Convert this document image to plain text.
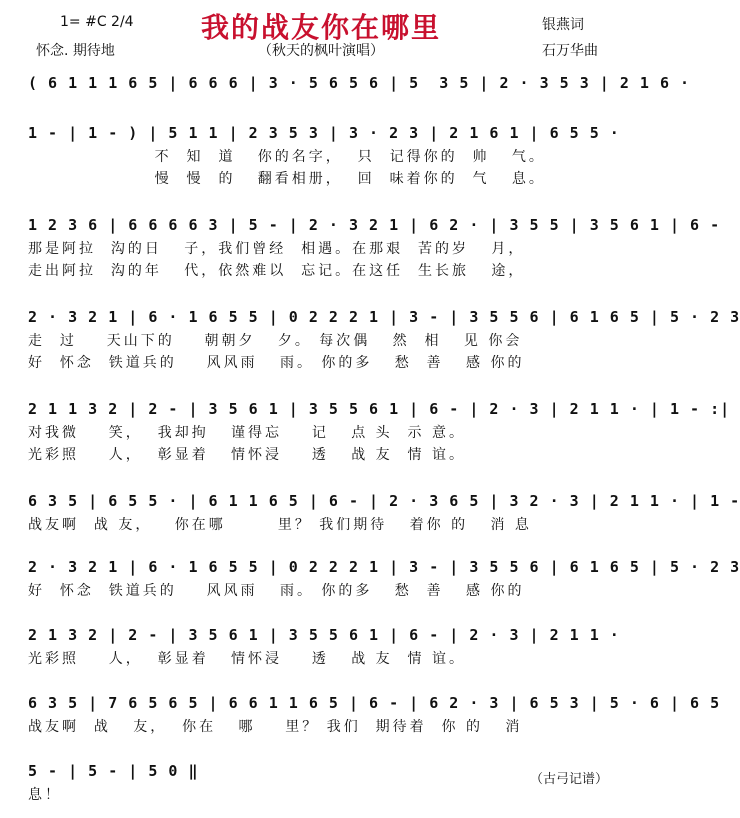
我的战友你在哪里
1= #C 2/4
怀念. 期待地	（秋天的枫叶演唱）
银燕词
石万华曲
( 6 1 1 1 6 5 | 6 6 6 | 3 · 5 6 5 6 | 5  3 5 | 2 · 3 5 3 | 2 1 6 ·
1 - | 1 - ) | 5 1 1 | 2 3 5 3 | 3 · 2 3 | 2 1 6 1 | 6 5 5 ·
不  知  道   你的名字，  只  记得你的  帅   气。
慢  慢  的   翻看相册，  回  味着你的  气   息。
1 2 3 6 | 6 6 6 6 3 | 5 - | 2 · 3 2 1 | 6 2 · | 3 5 5 | 3 5 6 1 | 6 -
那是阿拉  沟的日   子，我们曾经  相遇。在那艰  苦的岁   月，
走出阿拉  沟的年   代，依然难以  忘记。在这任  生长旅   途，
2 · 3 2 1 | 6 · 1 6 5 5 | 0 2 2 2 1 | 3 - | 3 5 5 6 | 6 1 6 5 | 5 · 2 3
走  过    天山下的    朝朝夕   夕。 每次偶   然  相   见 你会
好  怀念  铁道兵的    风风雨   雨。 你的多   愁  善   感 你的
2 1 1 3 2 | 2 - | 3 5 6 1 | 3 5 5 6 1 | 6 - | 2 · 3 | 2 1 1 · | 1 - :|
对我微    笑，  我却拘   谨得忘    记   点 头  示 意。
光彩照    人，  彰显着   情怀浸    透   战 友  情 谊。
6 3 5 | 6 5 5 · | 6 1 1 6 5 | 6 - | 2 · 3 6 5 | 3 2 · 3 | 2 1 1 · | 1 -
战友啊  战 友，   你在哪       里？ 我们期待   着你 的   消 息
2 · 3 2 1 | 6 · 1 6 5 5 | 0 2 2 2 1 | 3 - | 3 5 5 6 | 6 1 6 5 | 5 · 2 3
好  怀念  铁道兵的    风风雨   雨。 你的多   愁  善   感 你的
2 1 3 2 | 2 - | 3 5 6 1 | 3 5 5 6 1 | 6 - | 2 · 3 | 2 1 1 ·
光彩照    人，  彰显着   情怀浸    透   战 友  情 谊。
6 3 5 | 7 6 5 6 5 | 6 6 1 1 6 5 | 6 - | 6 2 · 3 | 6 5 3 | 5 · 6 | 6 5
战友啊  战   友，  你在   哪    里？ 我们  期待着  你 的   消
5 - | 5 - | 5 0 ‖
息！
（古弓记谱）
